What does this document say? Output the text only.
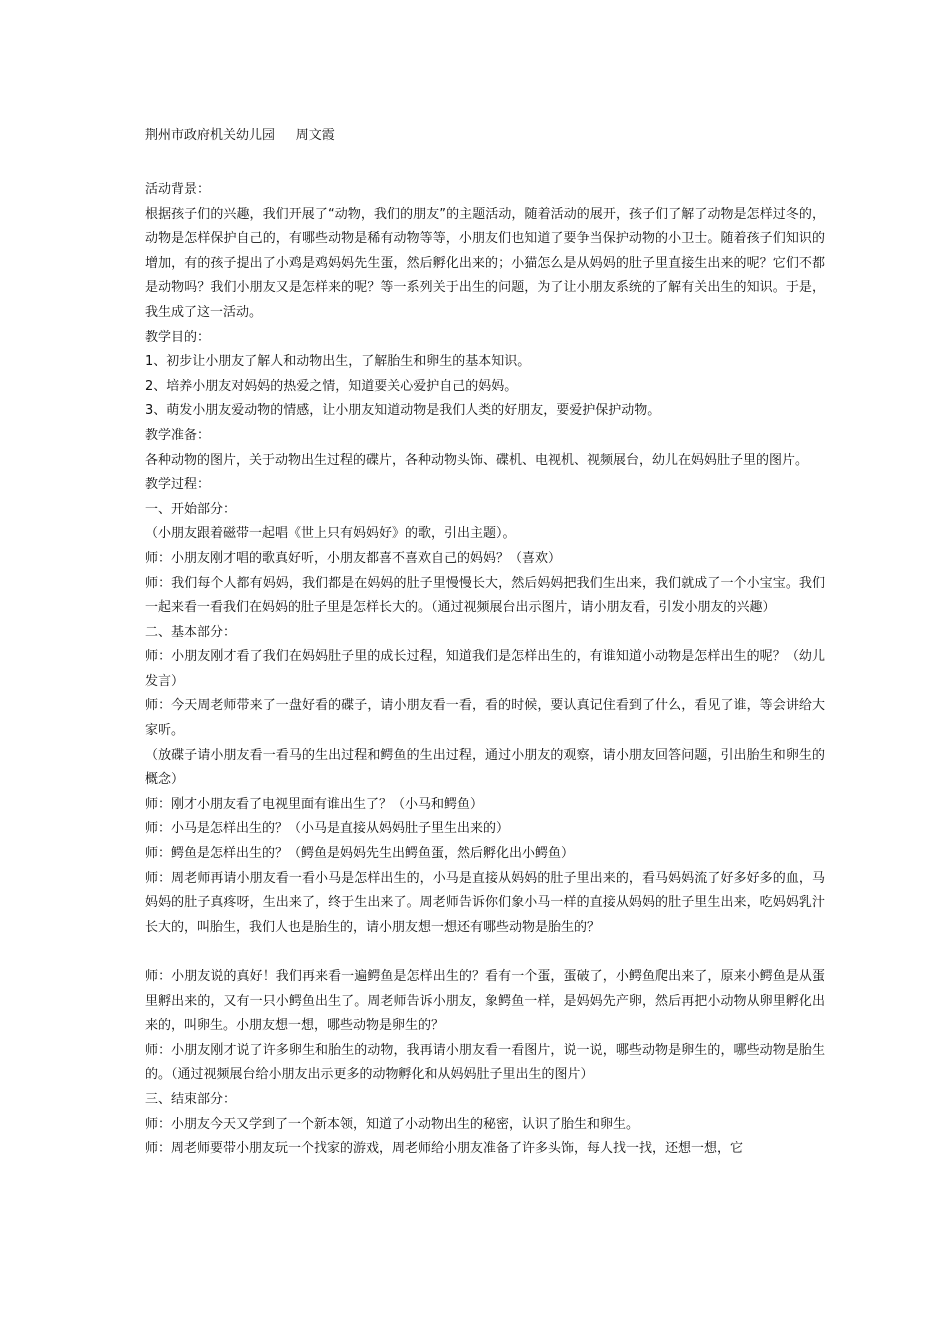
荆州市政府机关幼儿园 周文霞

活动背景：

根据孩子们的兴趣，我们开展了“动物，我们的朋友”的主题活动，随着活动的展开，孩子们了解了动物是怎样过冬的，动物是怎样保护自己的，有哪些动物是稀有动物等等，小朋友们也知道了要争当保护动物的小卫士。随着孩子们知识的增加，有的孩子提出了小鸡是鸡妈妈先生蛋，然后孵化出来的；小猫怎么是从妈妈的肚子里直接生出来的呢？它们不都是动物吗？我们小朋友又是怎样来的呢？等一系列关于出生的问题，为了让小朋友系统的了解有关出生的知识。于是，我生成了这一活动。

教学目的：

1、初步让小朋友了解人和动物出生，了解胎生和卵生的基本知识。

2、培养小朋友对妈妈的热爱之情，知道要关心爱护自己的妈妈。

3、萌发小朋友爱动物的情感，让小朋友知道动物是我们人类的好朋友，要爱护保护动物。

教学准备：

各种动物的图片，关于动物出生过程的碟片，各种动物头饰、碟机、电视机、视频展台，幼儿在妈妈肚子里的图片。

教学过程：

一、开始部分：

（小朋友跟着磁带一起唱《世上只有妈妈好》的歌，引出主题）。

师：小朋友刚才唱的歌真好听，小朋友都喜不喜欢自己的妈妈？（喜欢）

师：我们每个人都有妈妈，我们都是在妈妈的肚子里慢慢长大，然后妈妈把我们生出来，我们就成了一个小宝宝。我们一起来看一看我们在妈妈的肚子里是怎样长大的。（通过视频展台出示图片，请小朋友看，引发小朋友的兴趣）

二、基本部分：

师：小朋友刚才看了我们在妈妈肚子里的成长过程，知道我们是怎样出生的，有谁知道小动物是怎样出生的呢？（幼儿发言）

师：今天周老师带来了一盘好看的碟子，请小朋友看一看，看的时候，要认真记住看到了什么，看见了谁，等会讲给大家听。

（放碟子请小朋友看一看马的生出过程和鳄鱼的生出过程，通过小朋友的观察，请小朋友回答问题，引出胎生和卵生的概念）

师：刚才小朋友看了电视里面有谁出生了？（小马和鳄鱼）

师：小马是怎样出生的？（小马是直接从妈妈肚子里生出来的）

师：鳄鱼是怎样出生的？（鳄鱼是妈妈先生出鳄鱼蛋，然后孵化出小鳄鱼）

师：周老师再请小朋友看一看小马是怎样出生的，小马是直接从妈妈的肚子里出来的，看马妈妈流了好多好多的血，马妈妈的肚子真疼呀，生出来了，终于生出来了。周老师告诉你们象小马一样的直接从妈妈的肚子里生出来，吃妈妈乳汁长大的，叫胎生，我们人也是胎生的，请小朋友想一想还有哪些动物是胎生的？

师：小朋友说的真好！我们再来看一遍鳄鱼是怎样出生的？看有一个蛋，蛋破了，小鳄鱼爬出来了，原来小鳄鱼是从蛋里孵出来的，又有一只小鳄鱼出生了。周老师告诉小朋友，象鳄鱼一样，是妈妈先产卵，然后再把小动物从卵里孵化出来的，叫卵生。小朋友想一想，哪些动物是卵生的？

师：小朋友刚才说了许多卵生和胎生的动物，我再请小朋友看一看图片，说一说，哪些动物是卵生的，哪些动物是胎生的。（通过视频展台给小朋友出示更多的动物孵化和从妈妈肚子里出生的图片）

三、结束部分：

师：小朋友今天又学到了一个新本领，知道了小动物出生的秘密，认识了胎生和卵生。

师：周老师要带小朋友玩一个找家的游戏，周老师给小朋友准备了许多头饰，每人找一找，还想一想，它
